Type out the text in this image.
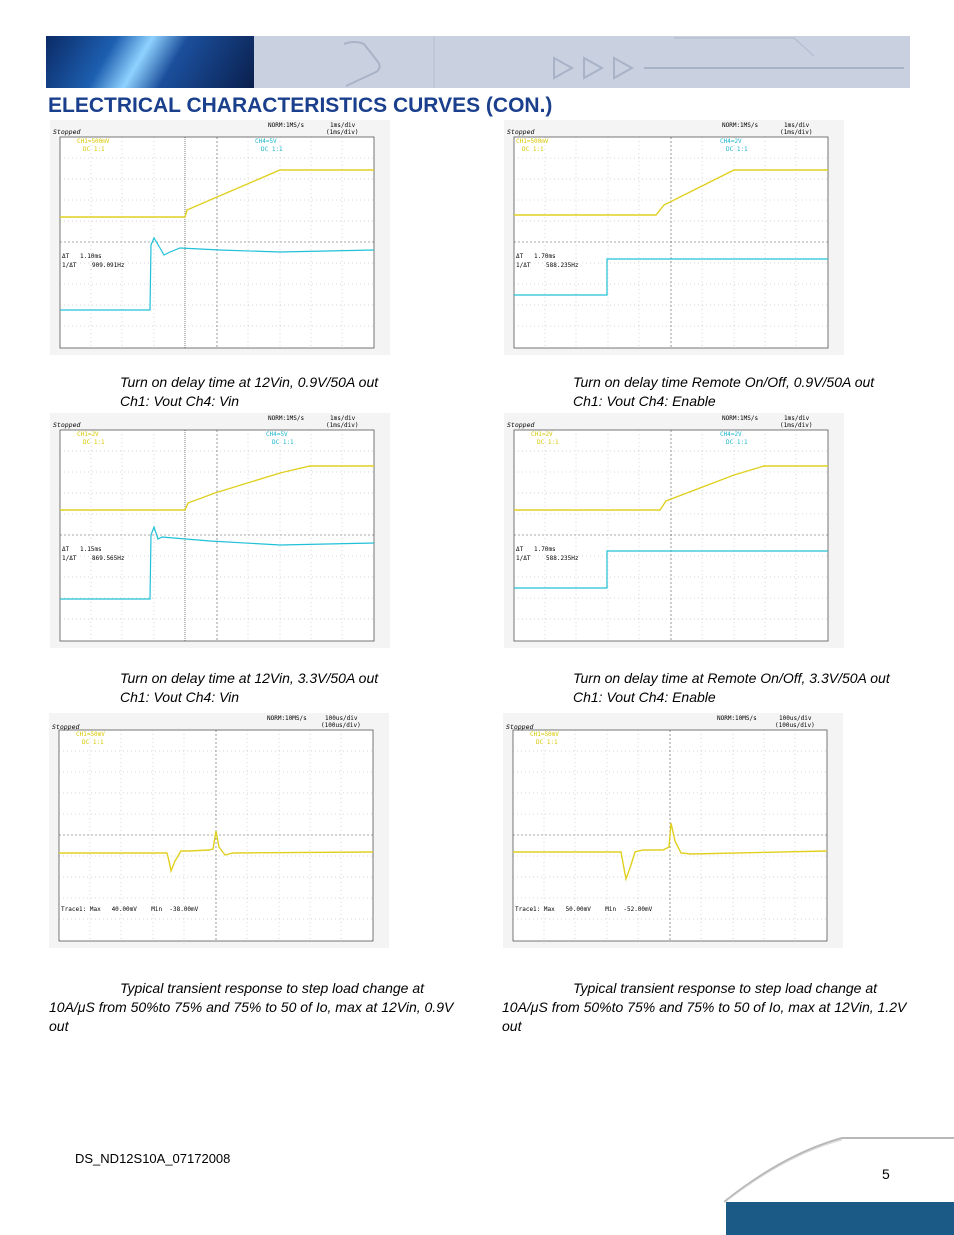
ELECTRICAL CHARACTERISTICS CURVES (CON.)
Stopped
NORM:1MS/s	1ms/div
(1ms/div)
CH1=500mV
DC 1:1
CH4=5V
DC 1:1
ΔT 1.10ms
1/ΔT	909.091Hz
Stopped
NORM:1MS/s	1ms/div
(1ms/div)
CH1=500mV
DC 1:1
CH4=2V
DC 1:1
ΔT 1.70ms
1/ΔT	588.235Hz
Turn on delay time at 12Vin, 0.9V/50A out
Ch1: Vout Ch4: Vin
Turn on delay time Remote On/Off, 0.9V/50A out
Ch1: Vout Ch4: Enable
Stopped
NORM:1MS/s	1ms/div
(1ms/div)
CH1=2V
DC 1:1
CH4=5V
DC 1:1
ΔT 1.15ms
1/ΔT	869.565Hz
Stopped
NORM:1MS/s	1ms/div
(1ms/div)
CH1=2V
DC 1:1
CH4=2V
DC 1:1
ΔT 1.70ms
1/ΔT	588.235Hz
Turn on delay time at 12Vin, 3.3V/50A out
Ch1: Vout Ch4: Vin
Turn on delay time at Remote On/Off, 3.3V/50A out
Ch1: Vout Ch4: Enable
Stopped
NORM:10MS/s	100us/div
(100us/div)
CH1=50mV
DC 1:1
Trace1: Max   40.00mV    Min  -38.00mV
Stopped
NORM:10MS/s	100us/div
(100us/div)
CH1=50mV
DC 1:1
Trace1: Max   50.00mV    Min  -52.00mV
Typical transient response to step load change at
10A/μS from 50%to 75% and 75% to 50 of Io, max at 12Vin, 0.9V
out
Typical transient response to step load change at
10A/μS from 50%to 75% and 75% to 50 of Io, max at 12Vin, 1.2V
out
DS_ND12S10A_07172008
5
